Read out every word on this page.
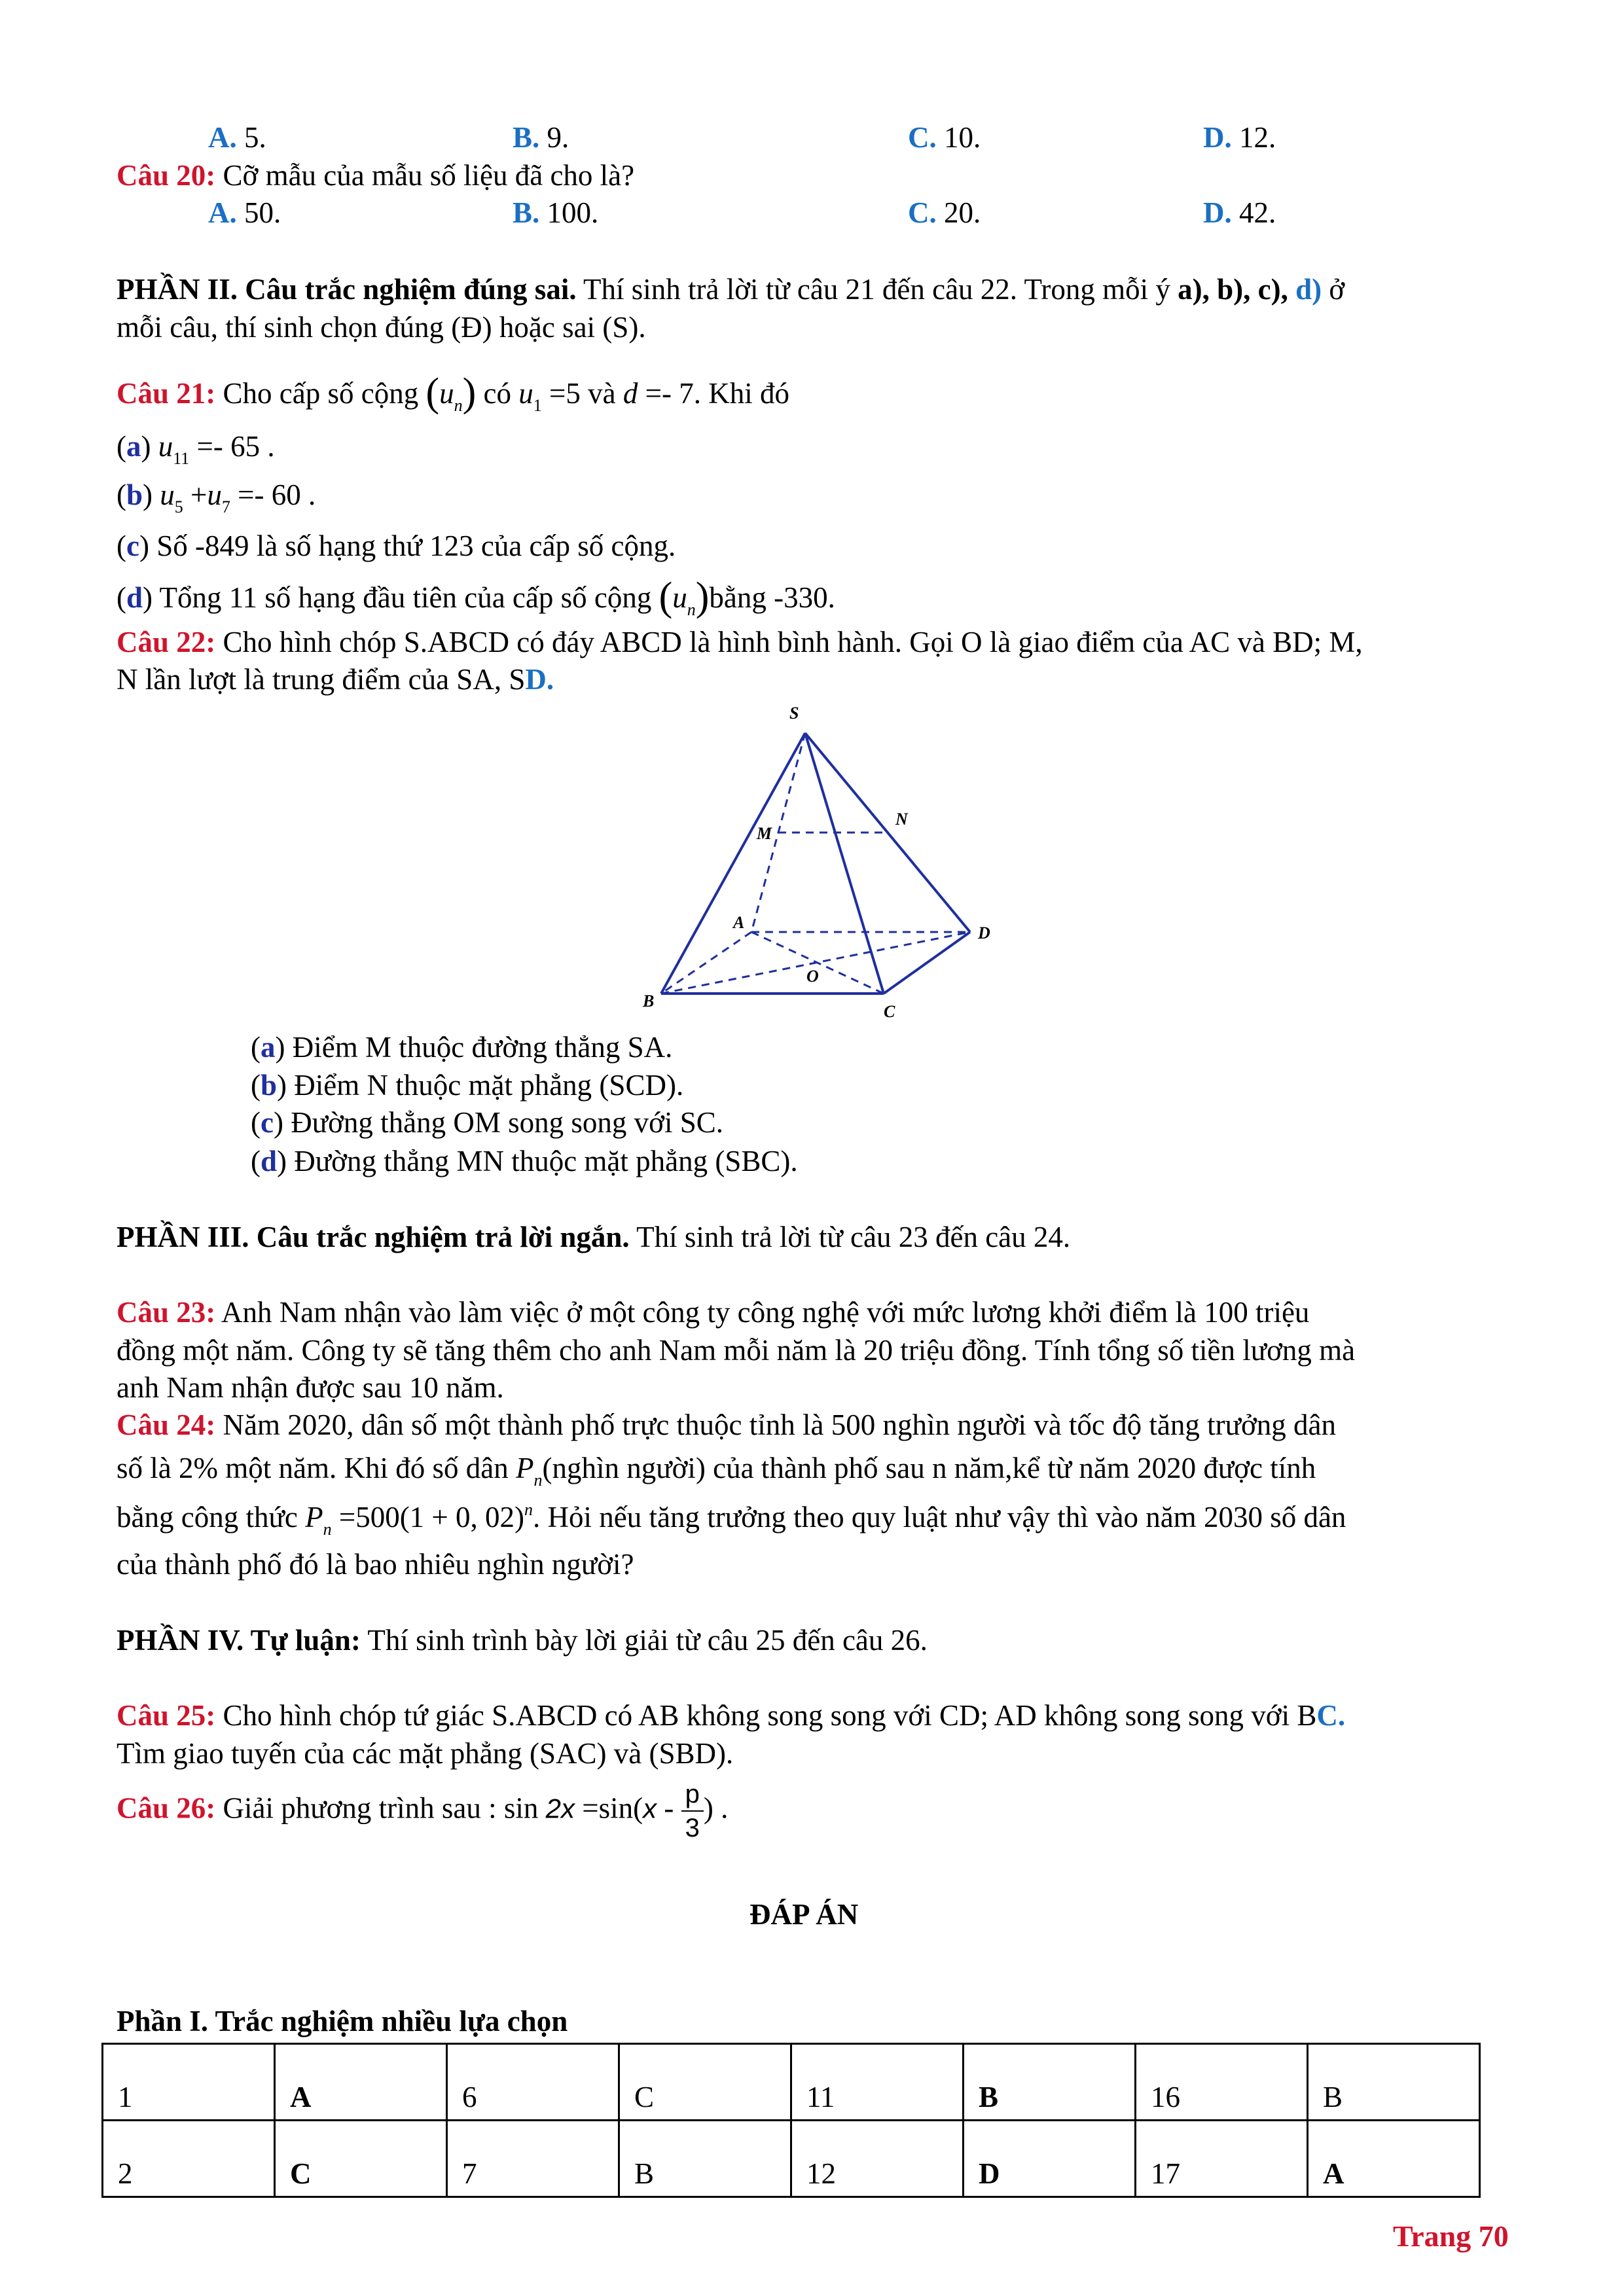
A. 5.	B. 9.	C. 10.	D. 12.
Câu 20: Cỡ mẫu của mẫu số liệu đã cho là?
A. 50.	B. 100.	C. 20.	D. 42.
PHẦN II. Câu trắc nghiệm đúng sai. Thí sinh trả lời từ câu 21 đến câu 22. Trong mỗi ý a), b), c), d) ở
mỗi câu, thí sinh chọn đúng (Đ) hoặc sai (S).
Câu 21: Cho cấp số cộng $(u_n)$ có $u_1 =5$ và d =- 7. Khi đó
(a) $u_{11} =- 65$ .
(b) $u_5 +u_7 =- 60$ .
(c) Số -849 là số hạng thứ 123 của cấp số cộng.
(d) Tổng 11 số hạng đầu tiên của cấp số cộng $(u_n)bằng$ -330.
Câu 22: Cho hình chóp S.ABCD có đáy ABCD là hình bình hành. Gọi O là giao điểm của AC và BD; M,
N lần lượt là trung điểm của SA, SD.
S
N
M
A
D
O
B
C
(a) Điểm M thuộc đường thẳng SA.
(b) Điểm N thuộc mặt phẳng (SCD).
(c) Đường thẳng OM song song với SC.
(d) Đường thẳng MN thuộc mặt phẳng (SBC).
PHẦN III. Câu trắc nghiệm trả lời ngắn. Thí sinh trả lời từ câu 23 đến câu 24.
Câu 23: Anh Nam nhận vào làm việc ở một công ty công nghệ với mức lương khởi điểm là 100 triệu
đồng một năm. Công ty sẽ tăng thêm cho anh Nam mỗi năm là 20 triệu đồng. Tính tổng số tiền lương mà
anh Nam nhận được sau 10 năm.
Câu 24: Năm 2020, dân số một thành phố trực thuộc tỉnh là 500 nghìn người và tốc độ tăng trưởng dân
số là 2% một năm. Khi đó số dân $P_n(nghìn$ người) của thành phố sau n năm,kể từ năm 2020 được tính
bằng công thức $P_n =500(1 + 0$, 02)$^n$. Hỏi nếu tăng trưởng theo quy luật như vậy thì vào năm 2030 số dân
của thành phố đó là bao nhiêu nghìn người?
PHẦN IV. Tự luận: Thí sinh trình bày lời giải từ câu 25 đến câu 26.
Câu 25: Cho hình chóp tứ giác S.ABCD có AB không song song với CD; AD không song song với BC.
Tìm giao tuyến của các mặt phẳng (SAC) và (SBD).
Câu 26: Giải phương trình sau : $\sin 2x =\sin(x - \frac{p}{3}$ ) .
ĐÁP ÁN
Phần I. Trắc nghiệm nhiều lựa chọn
1	A	6	C	11	B	16	B
2	C	7	B	12	D	17	A
Trang 70
